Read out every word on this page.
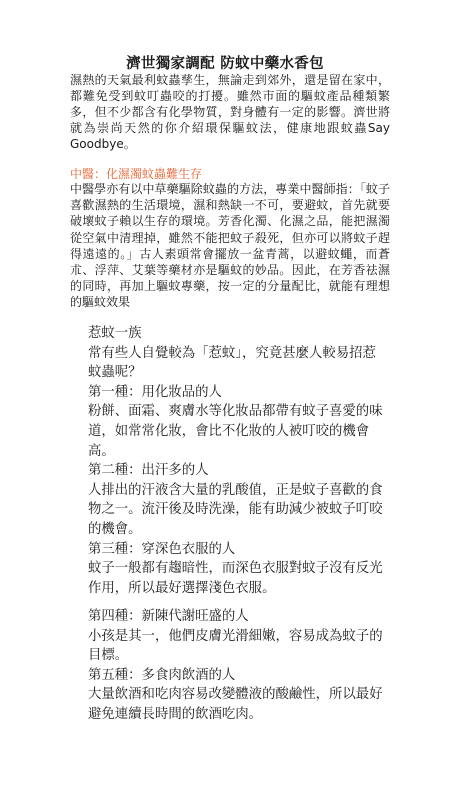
濟世獨家調配 防蚊中藥水香包
濕熱的天氣最利蚊蟲孳生，無論走到郊外，還是留在家中，都難免受到蚊叮蟲咬的打擾。雖然市面的驅蚊產品種類繁多，但不少都含有化學物質，對身體有一定的影響。濟世將就為崇尚天然的你介紹環保驅蚊法，健康地跟蚊蟲Say Goodbye。
中醫：化濕濁蚊蟲難生存
中醫學亦有以中草藥驅除蚊蟲的方法，專業中醫師指：「蚊子喜歡濕熱的生活環境，濕和熱缺一不可，要避蚊，首先就要破壞蚊子賴以生存的環境。芳香化濁、化濕之品，能把濕濁從空氣中清理掉，雖然不能把蚊子殺死，但亦可以將蚊子趕得遠遠的。」古人素頭常會擺放一盆青蒿，以避蚊蠅，而蒼朮、浮萍、艾葉等藥材亦是驅蚊的妙品。因此，在芳香祛濕的同時，再加上驅蚊專藥，按一定的分量配比，就能有理想的驅蚊效果

惹蚊一族

常有些人自覺較為「惹蚊」，究竟甚麼人較易招惹蚊蟲呢？

第一種：用化妝品的人

粉餅、面霜、爽膚水等化妝品都帶有蚊子喜愛的味道，如常常化妝，會比不化妝的人被叮咬的機會高。

第二種：出汗多的人

人排出的汗液含大量的乳酸值，正是蚊子喜歡的食物之一。流汗後及時洗澡，能有助減少被蚊子叮咬的機會。

第三種：穿深色衣服的人

蚊子一般都有趨暗性，而深色衣服對蚊子沒有反光作用，所以最好選擇淺色衣服。

第四種：新陳代謝旺盛的人

小孩是其一，他們皮膚光滑細嫩，容易成為蚊子的目標。

第五種：多食肉飲酒的人

大量飲酒和吃肉容易改變體液的酸鹼性，所以最好避免連續長時間的飲酒吃肉。
